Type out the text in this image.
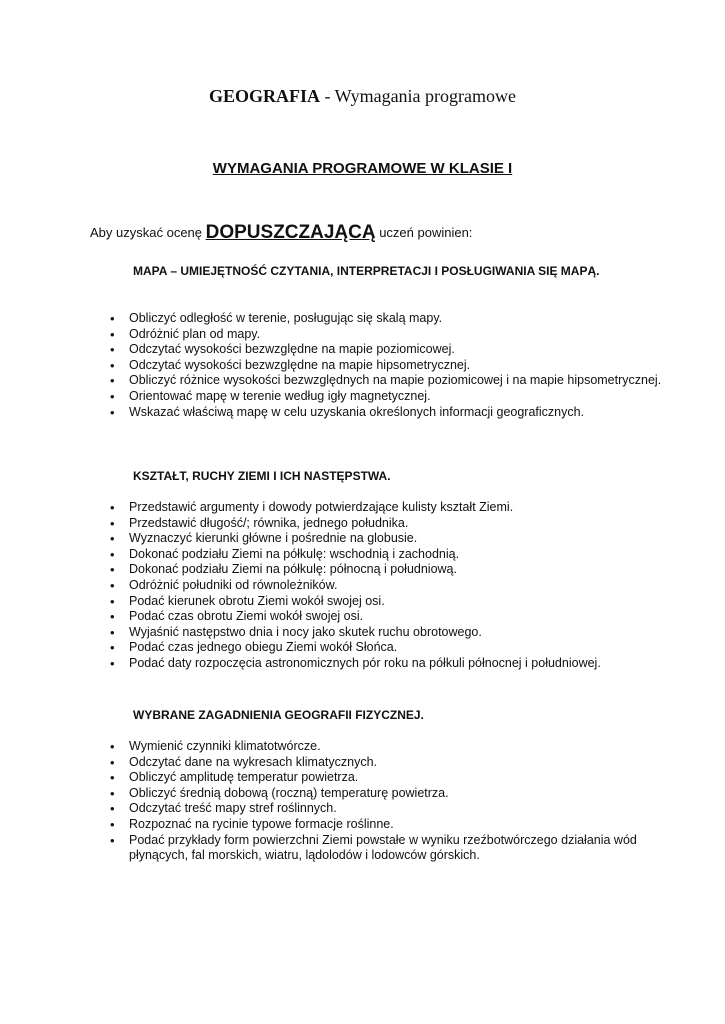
GEOGRAFIA - Wymagania programowe
WYMAGANIA PROGRAMOWE W KLASIE I
Aby uzyskać ocenę DOPUSZCZAJĄCĄ uczeń powinien:
MAPA – UMIEJĘTNOŚĆ CZYTANIA, INTERPRETACJI I POSŁUGIWANIA SIĘ MAPĄ.
• Obliczyć odległość w terenie, posługując się skalą mapy.
• Odróżnić plan od mapy.
• Odczytać wysokości bezwzględne na mapie poziomicowej.
• Odczytać wysokości bezwzględne na mapie hipsometrycznej.
• Obliczyć różnice wysokości bezwzględnych na mapie poziomicowej i na mapie hipsometrycznej.
• Orientować mapę w terenie według igły magnetycznej.
• Wskazać właściwą mapę w celu uzyskania określonych informacji geograficznych.
KSZTAŁT, RUCHY ZIEMI I ICH NASTĘPSTWA.
• Przedstawić argumenty i dowody potwierdzające kulisty kształt Ziemi.
• Przedstawić długość/; równika, jednego południka.
• Wyznaczyć kierunki główne i pośrednie na globusie.
• Dokonać podziału Ziemi na półkulę: wschodnią i zachodnią.
• Dokonać podziału Ziemi na półkulę: północną i południową.
• Odróżnić południki od równoleżników.
• Podać kierunek obrotu Ziemi wokół swojej osi.
• Podać czas obrotu Ziemi wokół swojej osi.
• Wyjaśnić następstwo dnia i nocy jako skutek ruchu obrotowego.
• Podać czas jednego obiegu Ziemi wokół Słońca.
• Podać daty rozpoczęcia astronomicznych pór roku na półkuli północnej i południowej.
WYBRANE ZAGADNIENIA GEOGRAFII FIZYCZNEJ.
• Wymienić czynniki klimatotwórcze.
• Odczytać dane na wykresach klimatycznych.
• Obliczyć amplitudę temperatur powietrza.
• Obliczyć średnią dobową (roczną) temperaturę powietrza.
• Odczytać treść mapy stref roślinnych.
• Rozpoznać na rycinie typowe formacje roślinne.
• Podać przykłady form powierzchni Ziemi powstałe w wyniku rzeźbotwórczego działania wód płynących, fal morskich, wiatru, lądolodów i lodowców górskich.
